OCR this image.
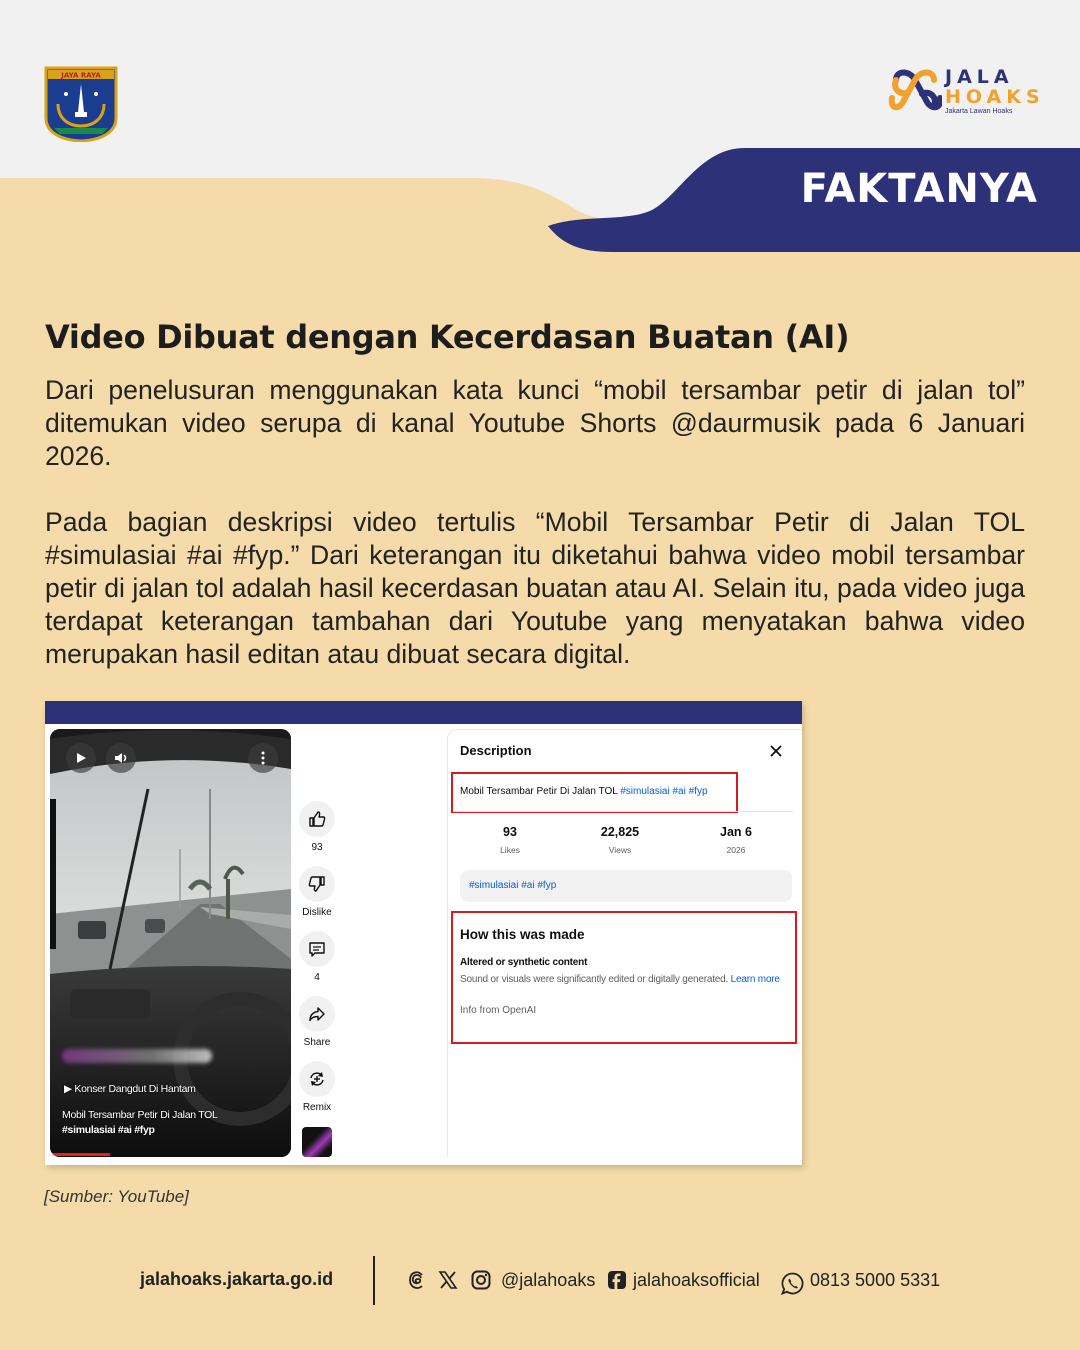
JAYA RAYA	JALA
HOAKS
Jakarta Lawan Hoaks
FAKTANYA
Video Dibuat dengan Kecerdasan Buatan (AI)

Dari penelusuran menggunakan kata kunci “mobil tersambar petir di jalan tol” ditemukan video serupa di kanal Youtube Shorts @daurmusik pada 6 Januari 2026.

Pada bagian deskripsi video tertulis “Mobil Tersambar Petir di Jalan TOL #simulasiai #ai #fyp.” Dari keterangan itu diketahui bahwa video mobil tersambar petir di jalan tol adalah hasil kecerdasan buatan atau AI. Selain itu, pada video juga terdapat keterangan tambahan dari Youtube yang menyatakan bahwa video merupakan hasil editan atau dibuat secara digital.

▶ Konser Dangdut Di Hantam
Mobil Tersambar Petir Di Jalan TOL
#simulasiai #ai #fyp
93
Dislike
4
Share
Remix
Description
Mobil Tersambar Petir Di Jalan TOL #simulasiai #ai #fyp
93
Likes
22,825
Views
Jan 6
2026
#simulasiai #ai #fyp
How this was made
Altered or synthetic content
Sound or visuals were significantly edited or digitally generated. Learn more
Info from OpenAI
[Sumber: YouTube]
jalahoaks.jakarta.go.id	@jalahoaks jalahoaksofficial	0813 5000 5331
